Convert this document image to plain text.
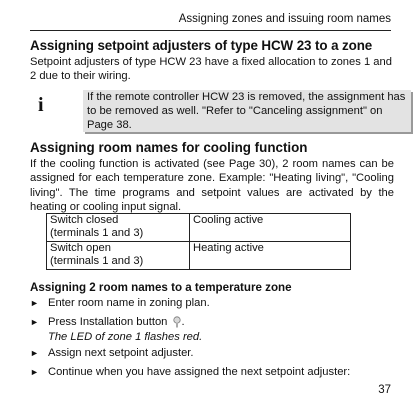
Assigning zones and issuing room names
Assigning setpoint adjusters of type HCW 23 to a zone
Setpoint adjusters of type HCW 23 have a fixed allocation to zones 1 and 2 due to their wiring.
i	If the remote controller HCW 23 is removed, the assignment has to be removed as well. "Refer to "Canceling assignment" on Page 38.
Assigning room names for cooling function
If the cooling function is activated (see Page 30), 2 room names can be assigned for each temperature zone. Example: "Heating living", "Cooling living". The time programs and setpoint values are activated by the heating or cooling input signal.
Switch closed
(terminals 1 and 3)	Cooling active
Switch open
(terminals 1 and 3)	Heating active
Assigning 2 room names to a temperature zone
► Enter room name in zoning plan.
► Press Installation button .
The LED of zone 1 flashes red.
► Assign next setpoint adjuster.
► Continue when you have assigned the next setpoint adjuster:
37
